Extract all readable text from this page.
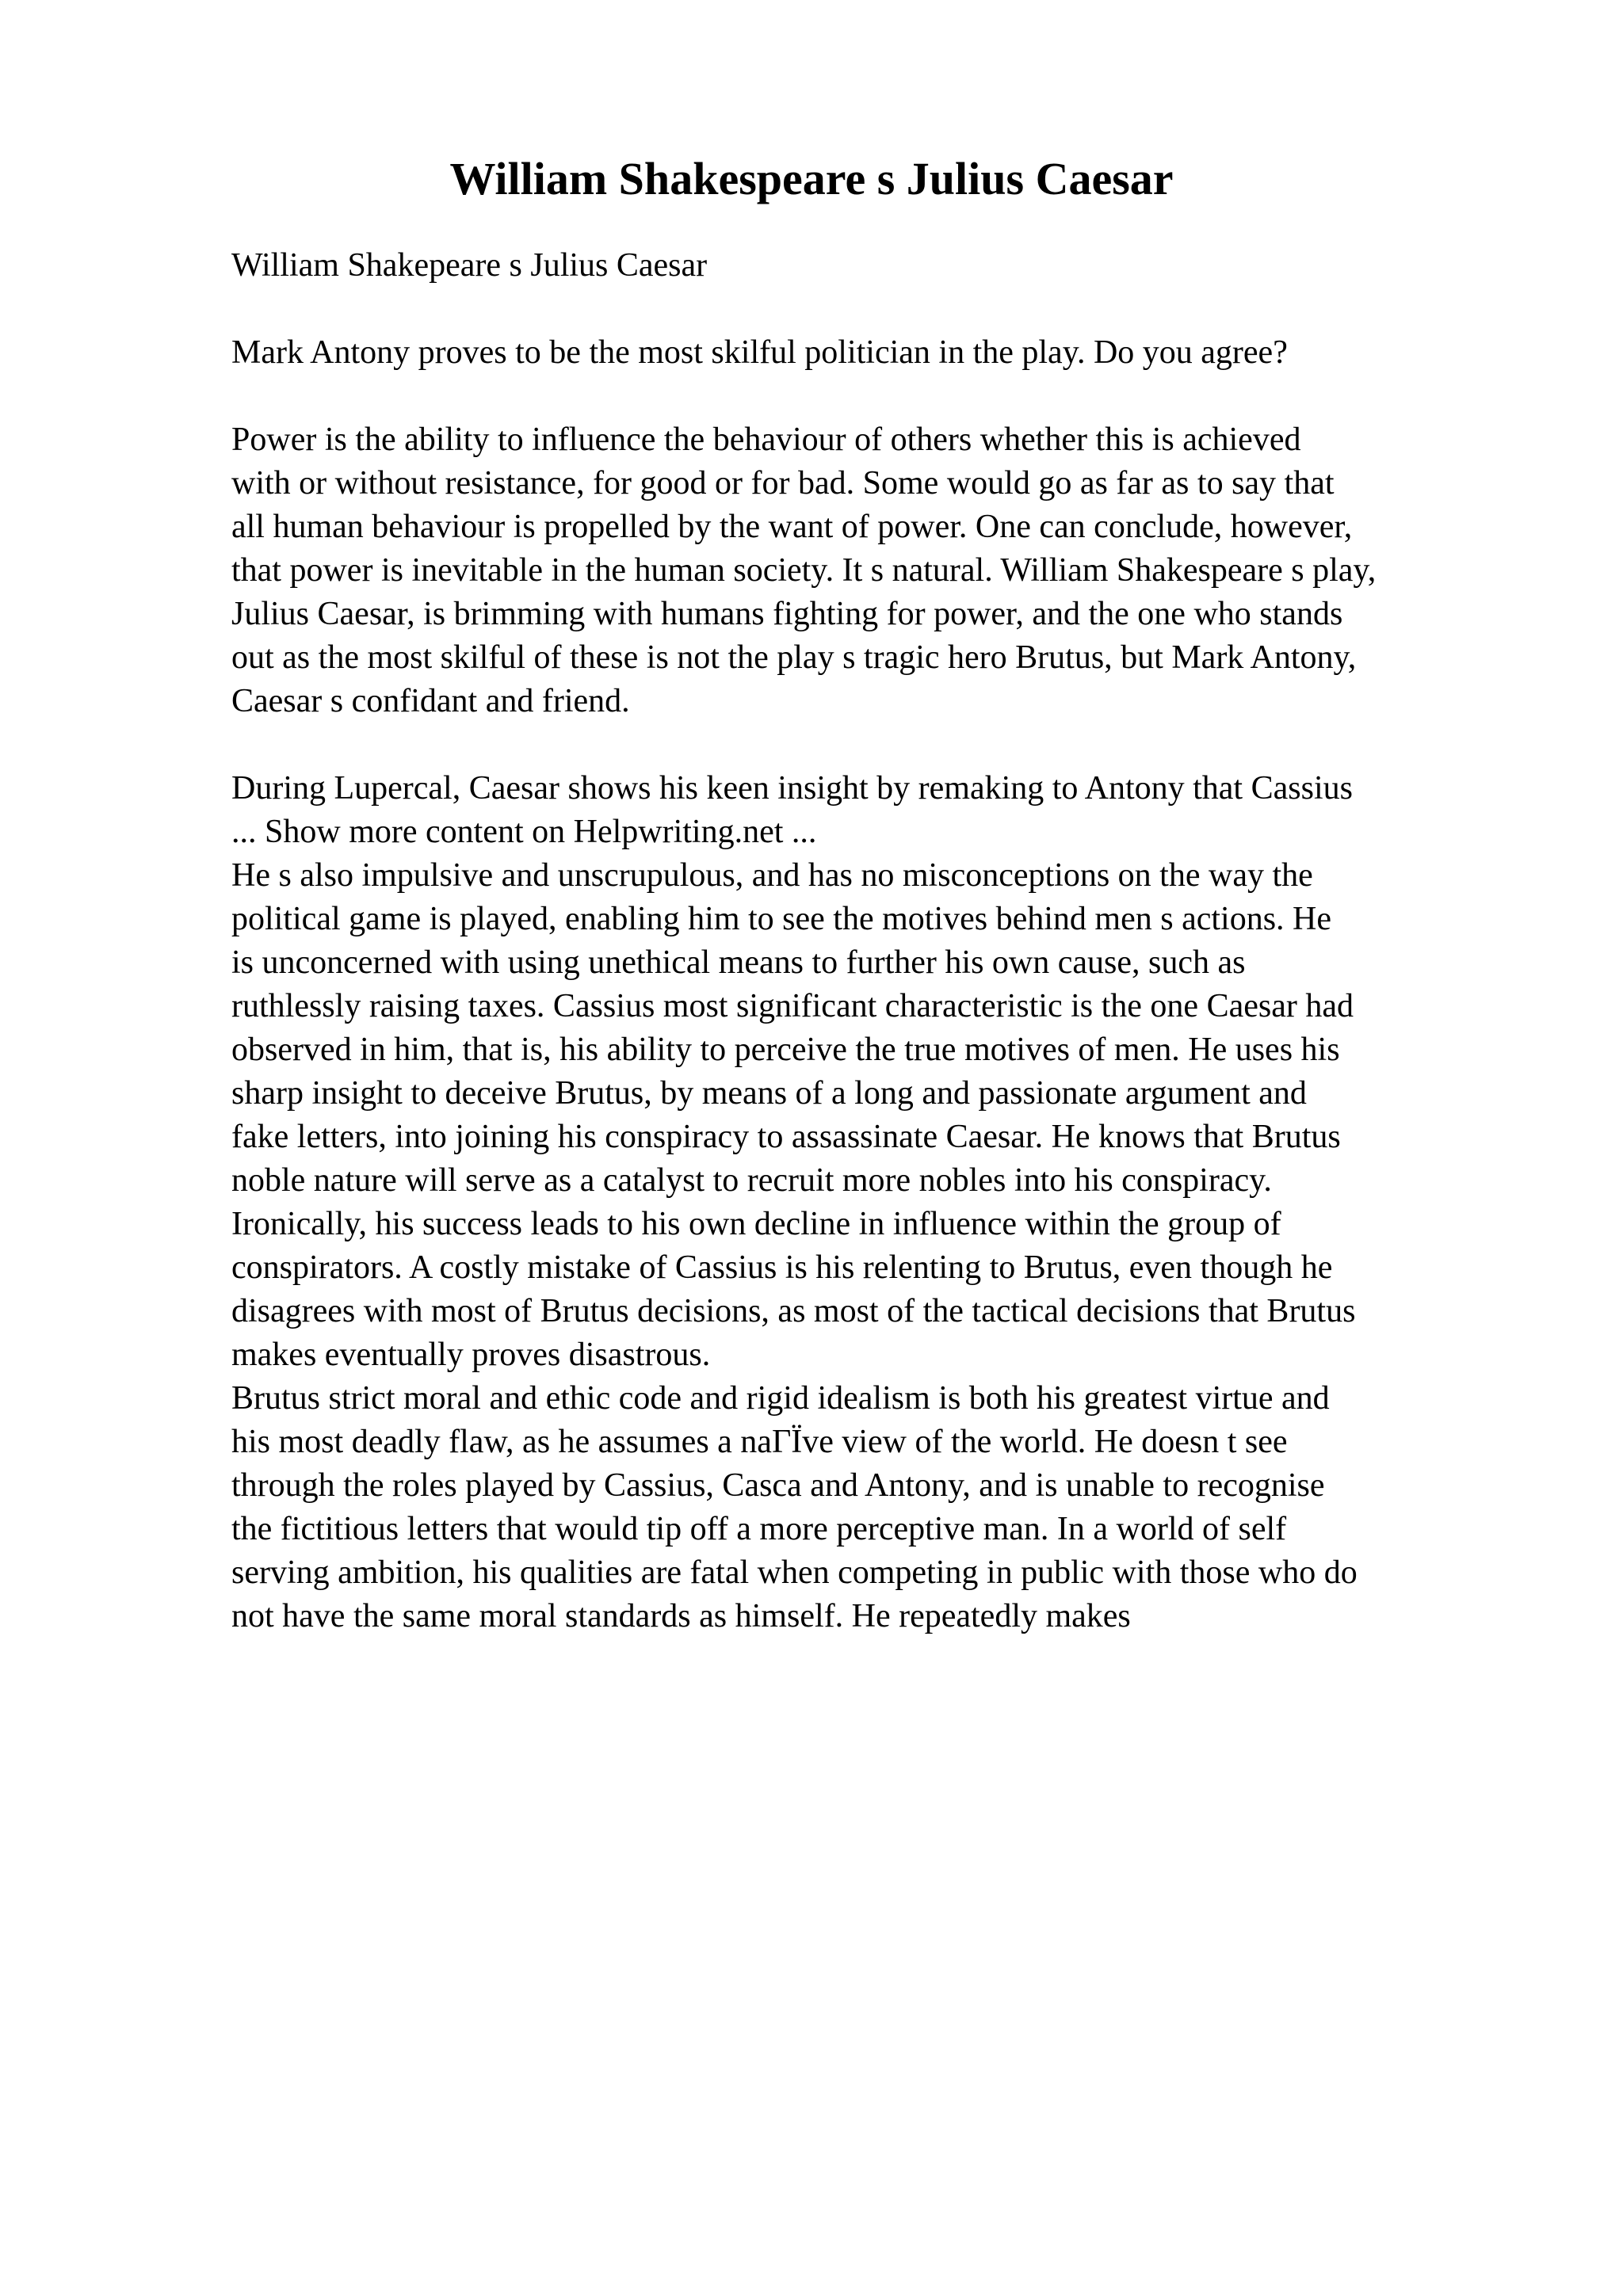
William Shakespeare s Julius Caesar
William Shakepeare s Julius Caesar
Mark Antony proves to be the most skilful politician in the play. Do you agree?
Power is the ability to influence the behaviour of others whether this is achieved
with or without resistance, for good or for bad. Some would go as far as to say that
all human behaviour is propelled by the want of power. One can conclude, however,
that power is inevitable in the human society. It s natural. William Shakespeare s play,
Julius Caesar, is brimming with humans fighting for power, and the one who stands
out as the most skilful of these is not the play s tragic hero Brutus, but Mark Antony,
Caesar s confidant and friend.
During Lupercal, Caesar shows his keen insight by remaking to Antony that Cassius
... Show more content on Helpwriting.net ...
He s also impulsive and unscrupulous, and has no misconceptions on the way the
political game is played, enabling him to see the motives behind men s actions. He
is unconcerned with using unethical means to further his own cause, such as
ruthlessly raising taxes. Cassius most significant characteristic is the one Caesar had
observed in him, that is, his ability to perceive the true motives of men. He uses his
sharp insight to deceive Brutus, by means of a long and passionate argument and
fake letters, into joining his conspiracy to assassinate Caesar. He knows that Brutus
noble nature will serve as a catalyst to recruit more nobles into his conspiracy.
Ironically, his success leads to his own decline in influence within the group of
conspirators. A costly mistake of Cassius is his relenting to Brutus, even though he
disagrees with most of Brutus decisions, as most of the tactical decisions that Brutus
makes eventually proves disastrous.
Brutus strict moral and ethic code and rigid idealism is both his greatest virtue and
his most deadly flaw, as he assumes a naГЇve view of the world. He doesn t see
through the roles played by Cassius, Casca and Antony, and is unable to recognise
the fictitious letters that would tip off a more perceptive man. In a world of self
serving ambition, his qualities are fatal when competing in public with those who do
not have the same moral standards as himself. He repeatedly makes
